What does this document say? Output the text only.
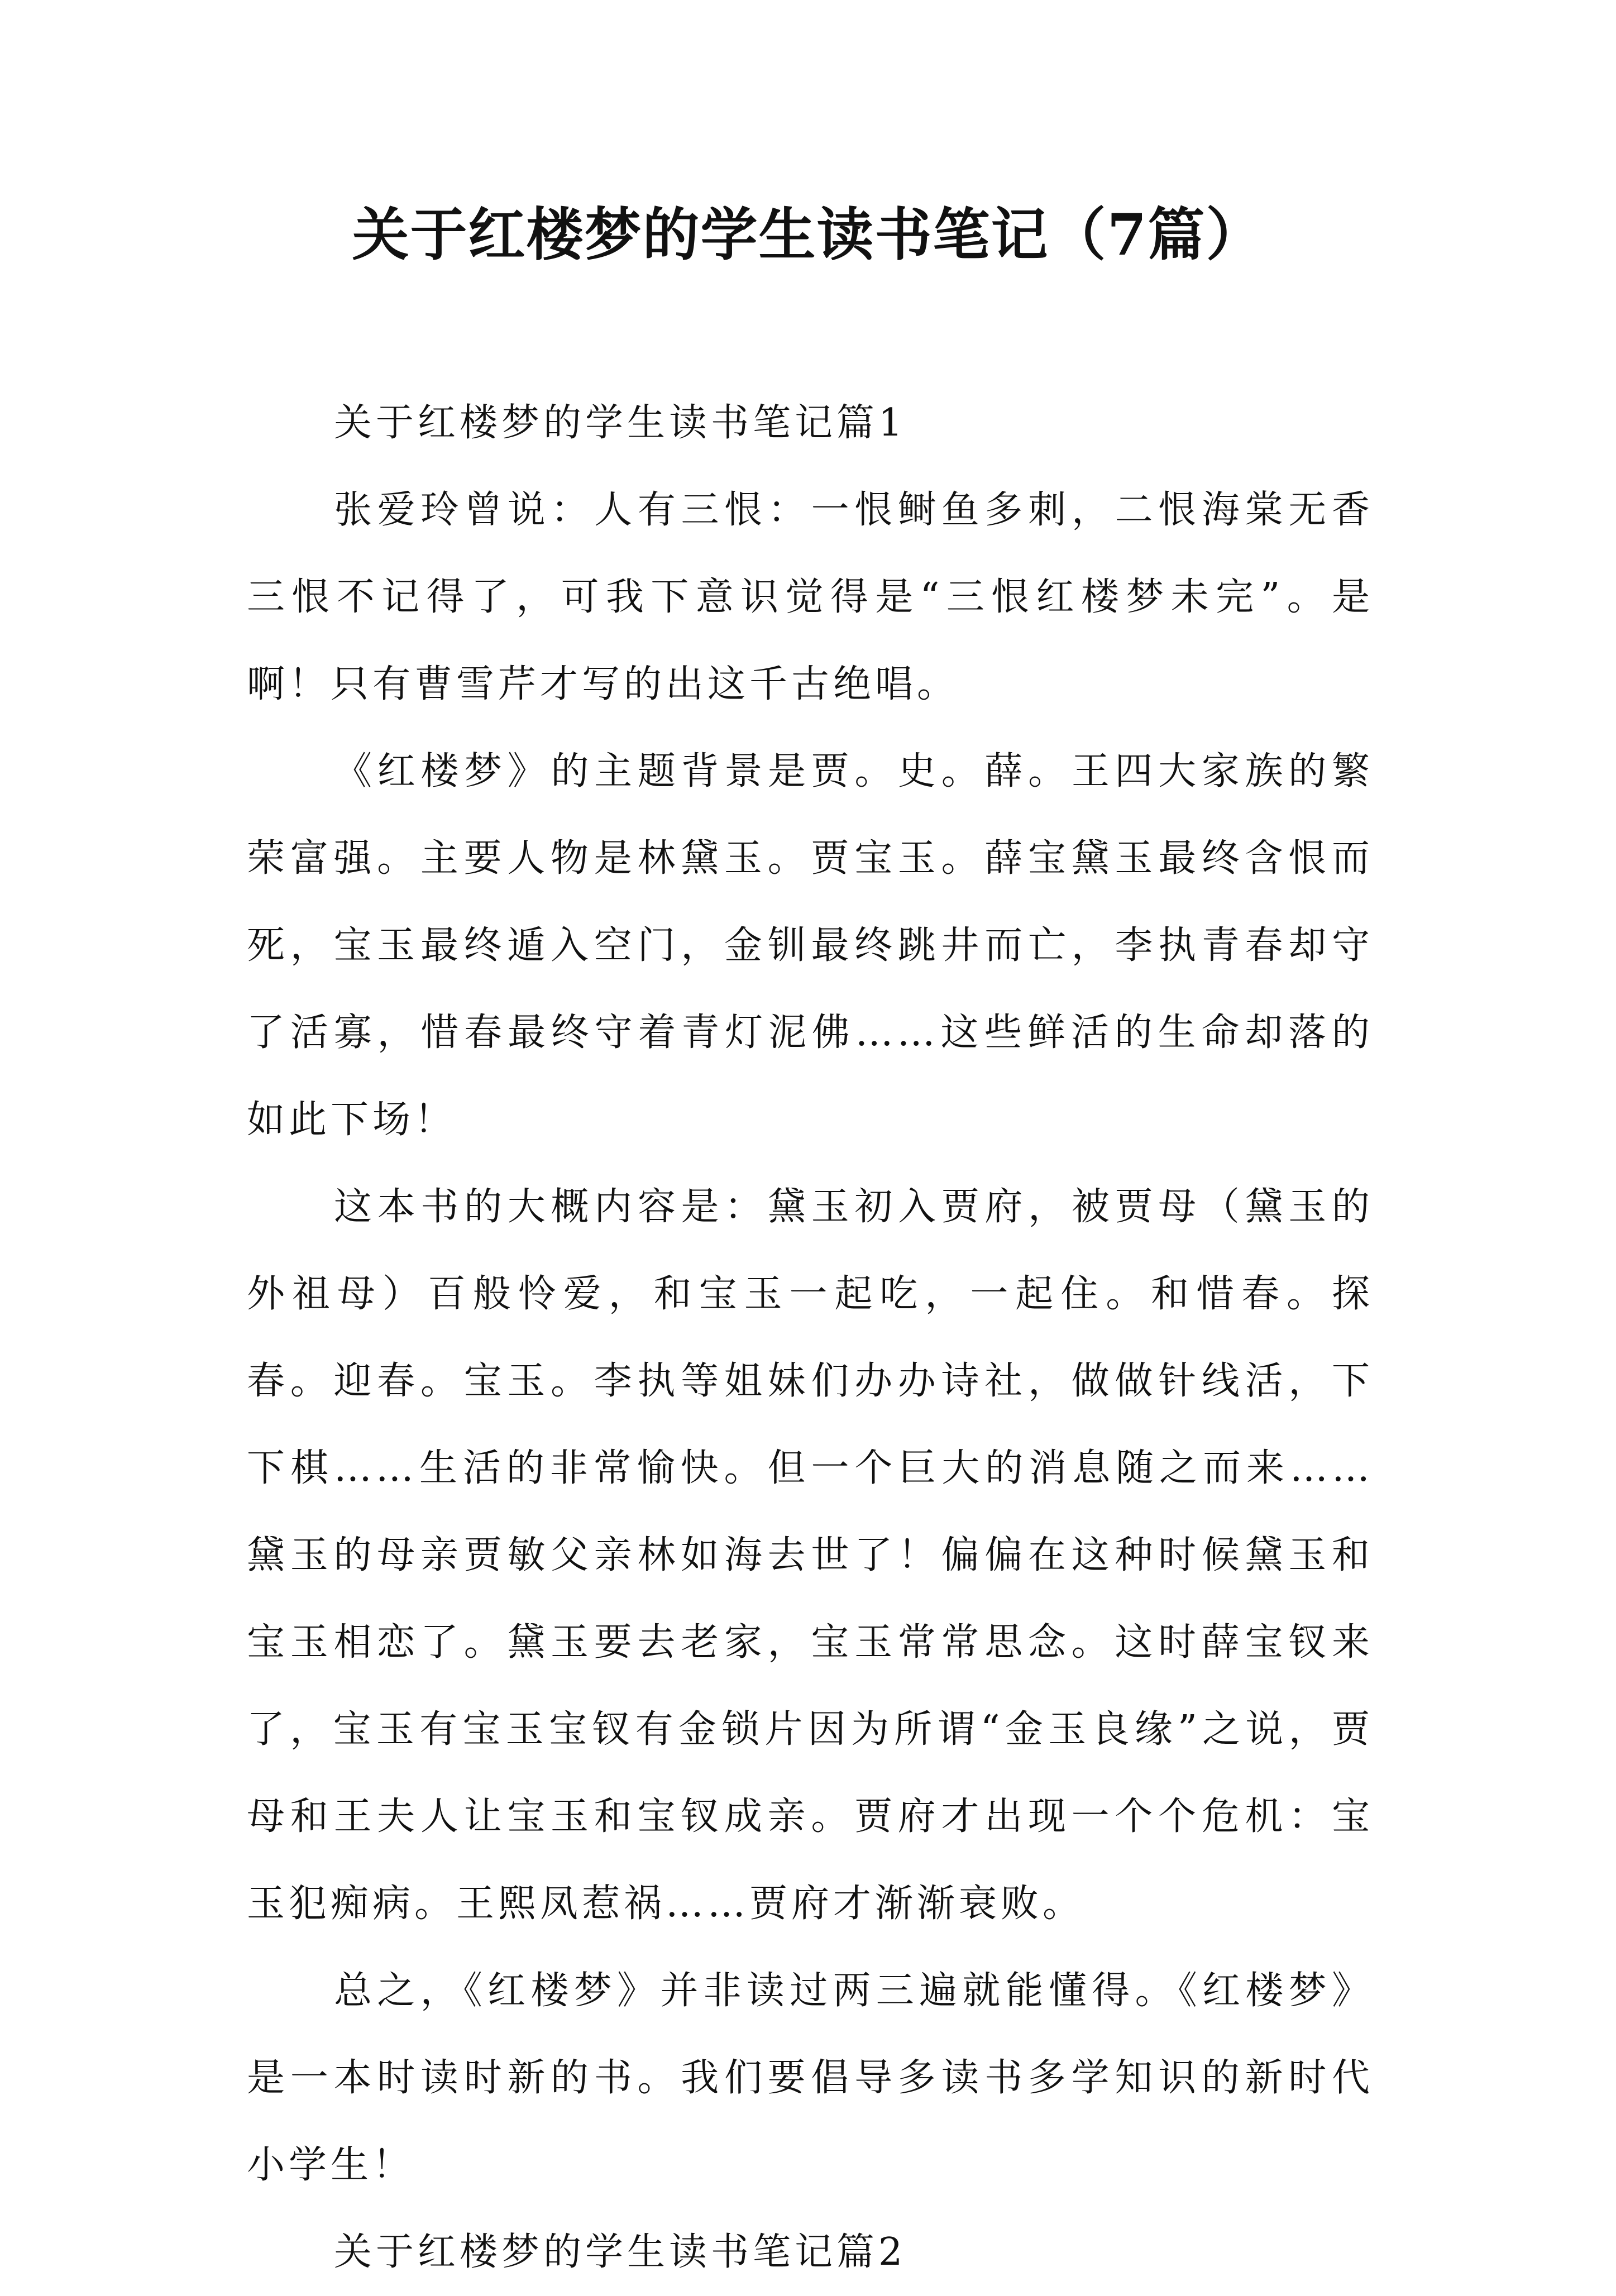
关于红楼梦的学生读书笔记（7篇）

关于红楼梦的学生读书笔记篇1

张爱玲曾说：人有三恨：一恨鲥鱼多刺，二恨海棠无香三恨不记得了，可我下意识觉得是“三恨红楼梦未完”。是啊！只有曹雪芹才写的出这千古绝唱。

《红楼梦》的主题背景是贾。史。薛。王四大家族的繁荣富强。主要人物是林黛玉。贾宝玉。薛宝黛玉最终含恨而死，宝玉最终遁入空门，金钏最终跳井而亡，李执青春却守了活寡，惜春最终守着青灯泥佛……这些鲜活的生命却落的如此下场！

这本书的大概内容是：黛玉初入贾府，被贾母（黛玉的外祖母）百般怜爱，和宝玉一起吃，一起住。和惜春。探春。迎春。宝玉。李执等姐妹们办办诗社，做做针线活，下下棋……生活的非常愉快。但一个巨大的消息随之而来……黛玉的母亲贾敏父亲林如海去世了！偏偏在这种时候黛玉和宝玉相恋了。黛玉要去老家，宝玉常常思念。这时薛宝钗来了，宝玉有宝玉宝钗有金锁片因为所谓“金玉良缘”之说，贾母和王夫人让宝玉和宝钗成亲。贾府才出现一个个危机：宝玉犯痴病。王熙凤惹祸……贾府才渐渐衰败。

总之，《红楼梦》并非读过两三遍就能懂得。《红楼梦》是一本时读时新的书。我们要倡导多读书多学知识的新时代小学生！

关于红楼梦的学生读书笔记篇2
